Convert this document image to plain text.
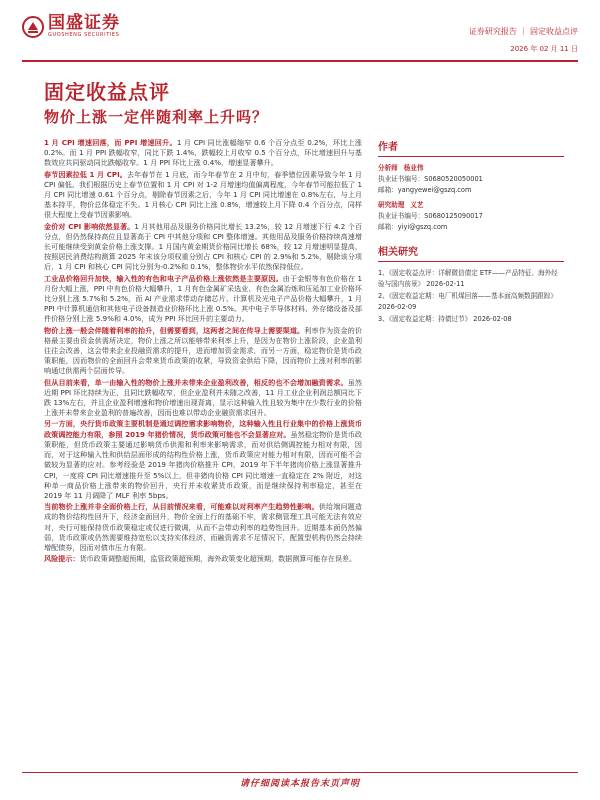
国盛证券
GUOSHENG SECURITIES	证券研究报告 ｜ 固定收益点评
2026 年 02 月 11 日
固定收益点评
物价上涨一定伴随利率上升吗？

1 月 CPI 增速回落，而 PPI 增速回升。1 月 CPI 同比涨幅缩窄 0.6 个百分点至 0.2%，环比上涨 0.2%。而 1 月 PPI 跌幅收窄，同比下跌 1.4%，跌幅较上月收窄 0.5 个百分点，环比增速回升与基数效应共同驱动同比跌幅收窄。1 月 PPI 环比上涨 0.4%，增速显著攀升。

春节因素拉低 1 月 CPI。去年春节在 1 月底，而今年春节在 2 月中旬，春季错位因素导致今年 1 月 CPI 偏低。我们根据历史上春节位置和 1 月 CPI 对 1-2 月增速均值偏离程度，今年春节可能拉低了 1 月 CPI 同比增速 0.61 个百分点，剔除春节因素之后，今年 1 月 CPI 同比增速在 0.8%左右，与上月基本持平，物价总体稳定不失。1 月核心 CPI 同比上涨 0.8%，增速较上月下降 0.4 个百分点，同样很大程度上受春节因素影响。

金价对 CPI 影响依然显著。1 月其他用品及服务价格同比增长 13.2%，较 12 月增速下行 4.2 个百分点，但仍然保持高位且显著高于 CPI 中其他分项和 CPI 整体增速。其他用品及服务价格持续高速增长可能继续受到黄金价格上涨支撑。1 月国内黄金期货价格同比增长 68%，较 12 月增速明显提高，按照居民消费结构测算 2025 年末该分项权重分别占 CPI 和核心 CPI 的 2.9%和 5.2%，剔除该分项后，1 月 CPI 和核心 CPI 同比分别为-0.2%和 0.1%，整体物价水平依然保持低位。

工业品价格回升加快，输入性的有色和电子产品价格上涨依然是主要原因。由于金银等有色价格在 1 月份大幅上涨，PPI 中有色价格大幅攀升，1 月有色金属矿采选业、有色金属冶炼和压延加工业价格环比分别上涨 5.7%和 5.2%，而 AI 产业需求带动存储芯片、计算机及光电子产品价格大幅攀升，1 月 PPI 中计算机通信和其他电子设备制造业价格环比上涨 0.5%。其中电子半导体材料、外存储设备及部件价格分别上涨 5.9%和 4.0%，成为 PPI 环比回升的主要动力。

物价上涨一般会伴随着利率的抬升，但需要看到，这两者之间在传导上需要渠道。利率作为资金的价格最主要由资金供需所决定，物价上涨之所以能够带来利率上升，是因为在物价上涨阶段，企业盈利往往会改善，这会带来企业投融资需求的提升，进而增加资金需求，而另一方面，稳定物价是货币政策职能，因而物价的全面回升会带来货币政策的收紧，导致资金供给下降，因而物价上涨对利率的影响通过供需两个层面传导。

但从目前来看，单一由输入性的物价上涨并未带来企业盈利改善，相反的也不会增加融资需求。虽然近期 PPI 环比持续为正，且同比跌幅收窄，但企业盈利并未随之改善，11 月工业企业利润总额同比下跌 13%左右，并且企业盈利增速和物价增速出现背离，显示这种输入性且较为集中在少数行业的价格上涨并未带来企业盈利的普遍改善，因而也难以带动企业融资需求回升。

另一方面，央行货币政策主要机制是通过调控需求影响物价，这种输入性且行业集中的价格上涨货币政策调控能力有限，参照 2019 年猪价情况，货币政策可能也不会显著应对。虽然稳定物价是货币政策职能，但货币政策主要通过影响货币供需和利率来影响需求，而对供给侧调控能力相对有限，因而，对于这种输入性和供给层面形成的结构性价格上涨，货币政策应对能力相对有限，因而可能不会做较为显著的应对。参考经验是 2019 年猪肉价格推升 CPI，2019 年下半年猪肉价格上涨显著推升 CPI，一度将 CPI 同比增速推升至 5%以上，但非猪肉价格 CPI 同比增速一直稳定在 2% 附近，对这种单一商品价格上涨带来的物价回升，央行并未收紧货币政策，而是继续保持利率稳定，甚至在 2019 年 11 月调降了 MLF 利率 5bps。

当前物价上涨并非全面价格上行，从目前情况来看，可能难以对利率产生趋势性影响。供给端问题造成的物价结构性回升下，经济金面回升，物价全面上行的基础不牢，需求侧管理工具可能无法有效应对，央行可能保持货币政策稳定或仅进行微调，从而不会带动利率的趋势性回升。近期基本面仍然偏弱，货币政策或仍然需要维持宽松以支持实体经济，而融资需求不足情况下，配置型机构仍然会持续增配债券，因而对债市压力有限。

风险提示：货币政策调整超预期，监管政策超预期，海外政策变化超预期，数据测算可能存在误差。

作者
分析师 杨业伟
执业证书编号：S0680520050001
邮箱：yangyewei@gszq.com
研究助理 义艺
执业证书编号：S0680125090017
邮箱：yiyi@gszq.com
相关研究
1、《固定收益点评：详解微信债定 ETF——产品特征、海外经验与国内前景》 2026-02-11
2、《固定收益定期：电厂机煤回落——基本面高频数据跟踪》 2026-02-09
3、《固定收益定期：持债过节》 2026-02-08
请仔细阅读本报告末页声明
